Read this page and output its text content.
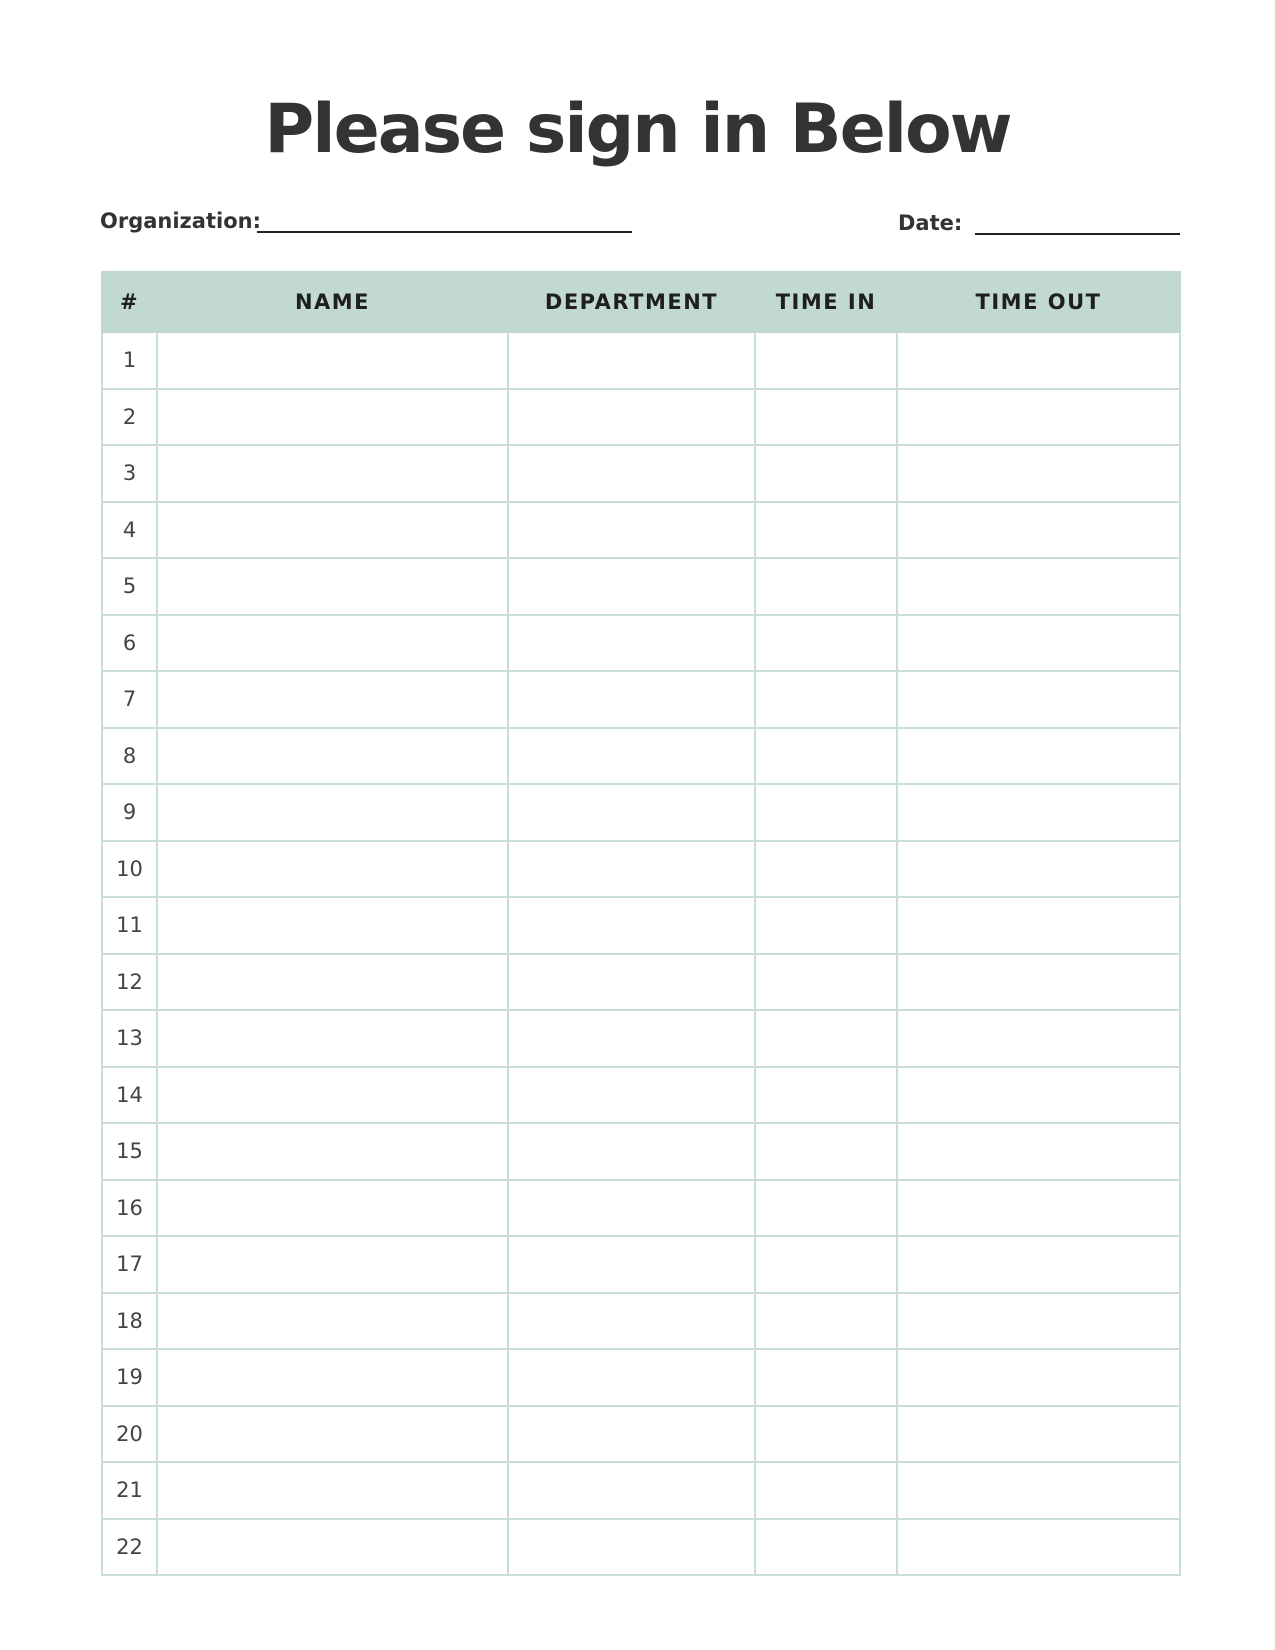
Please sign in Below
Organization:	Date:
#	NAME	DEPARTMENT	TIME IN	TIME OUT
1				
2				
3				
4				
5				
6				
7				
8				
9				
10				
11				
12				
13				
14				
15				
16				
17				
18				
19				
20				
21				
22				
